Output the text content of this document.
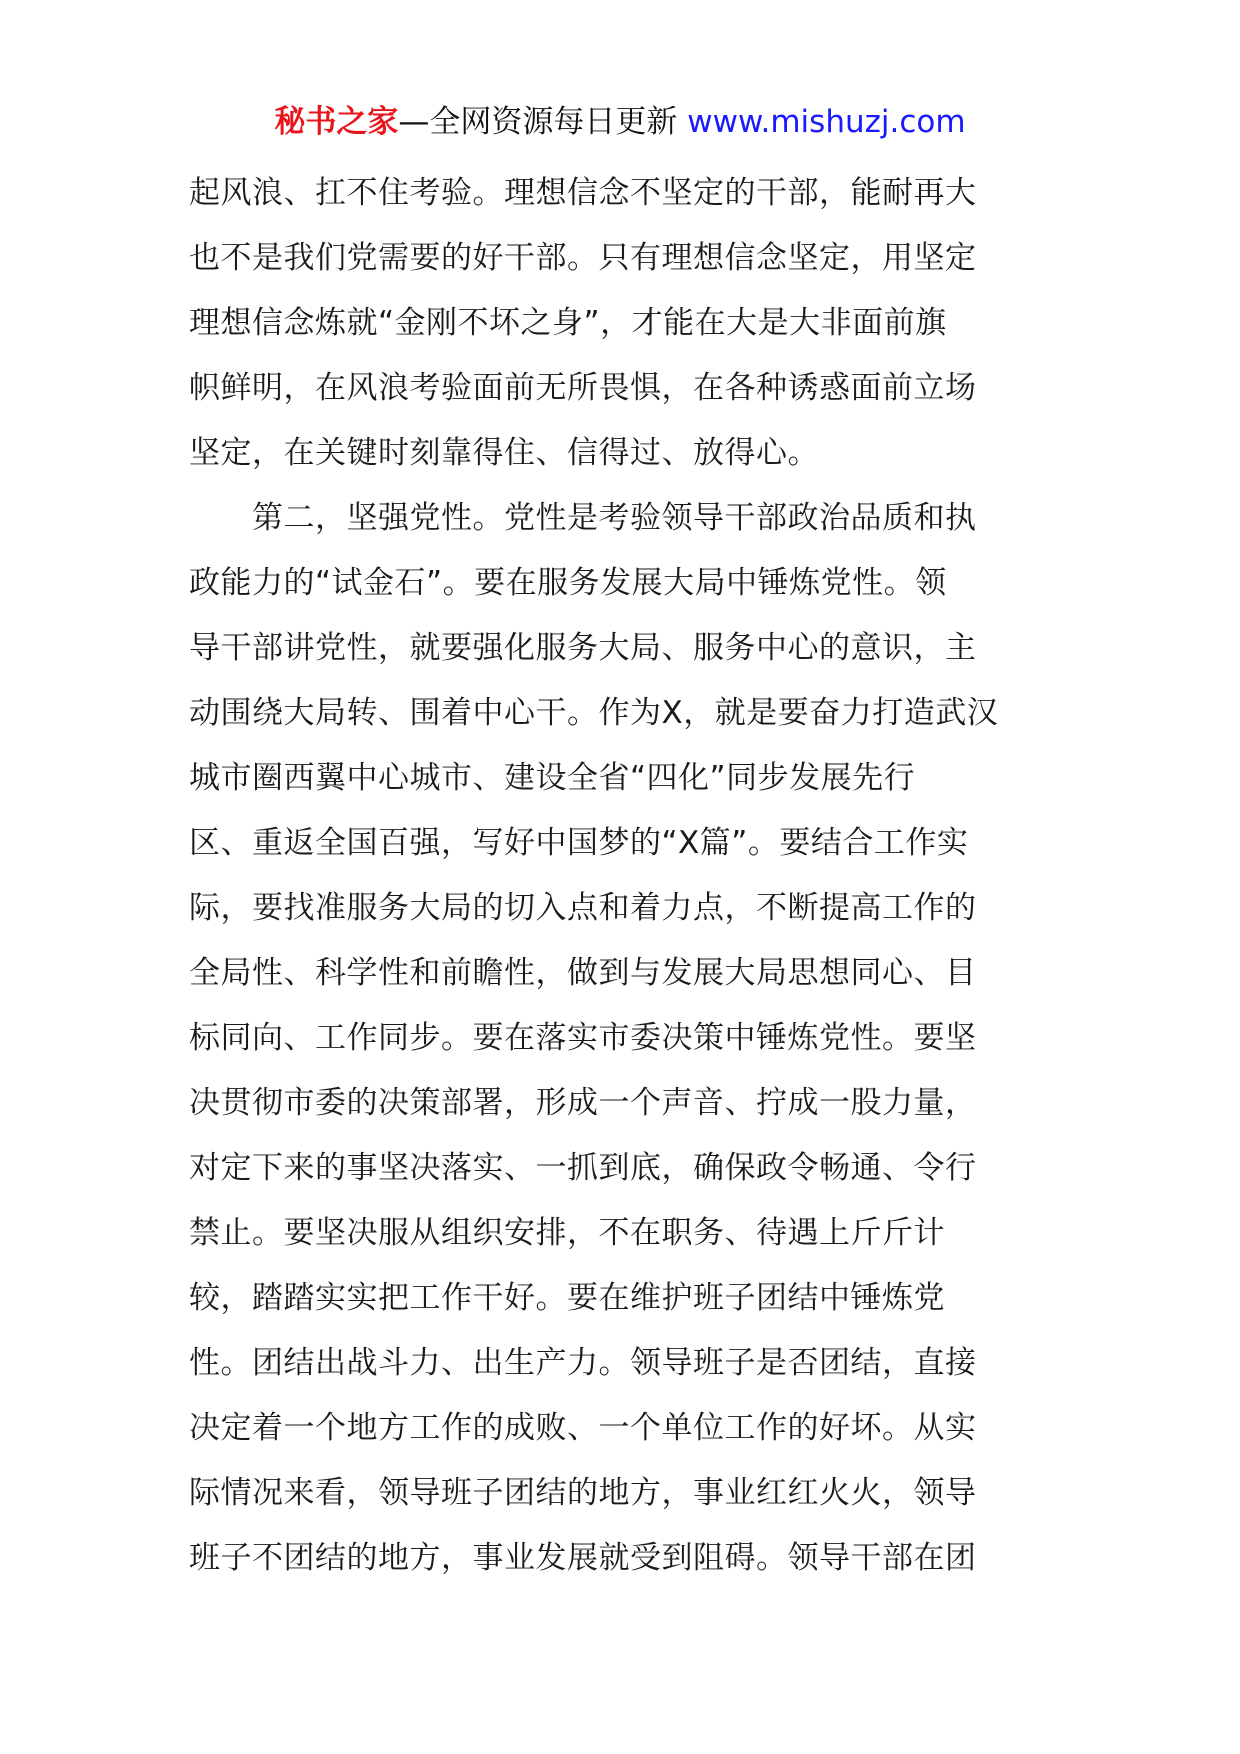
秘书之家—全网资源每日更新 www.mishuzj.com
起风浪、扛不住考验。理想信念不坚定的干部，能耐再大
也不是我们党需要的好干部。只有理想信念坚定，用坚定
理想信念炼就“金刚不坏之身”，才能在大是大非面前旗
帜鲜明，在风浪考验面前无所畏惧，在各种诱惑面前立场
坚定，在关键时刻靠得住、信得过、放得心。
　　第二，坚强党性。党性是考验领导干部政治品质和执
政能力的“试金石”。要在服务发展大局中锤炼党性。领
导干部讲党性，就要强化服务大局、服务中心的意识，主
动围绕大局转、围着中心干。作为X，就是要奋力打造武汉
城市圈西翼中心城市、建设全省“四化”同步发展先行
区、重返全国百强，写好中国梦的“X篇”。要结合工作实
际，要找准服务大局的切入点和着力点，不断提高工作的
全局性、科学性和前瞻性，做到与发展大局思想同心、目
标同向、工作同步。要在落实市委决策中锤炼党性。要坚
决贯彻市委的决策部署，形成一个声音、拧成一股力量，
对定下来的事坚决落实、一抓到底，确保政令畅通、令行
禁止。要坚决服从组织安排，不在职务、待遇上斤斤计
较，踏踏实实把工作干好。要在维护班子团结中锤炼党
性。团结出战斗力、出生产力。领导班子是否团结，直接
决定着一个地方工作的成败、一个单位工作的好坏。从实
际情况来看，领导班子团结的地方，事业红红火火，领导
班子不团结的地方，事业发展就受到阻碍。领导干部在团
